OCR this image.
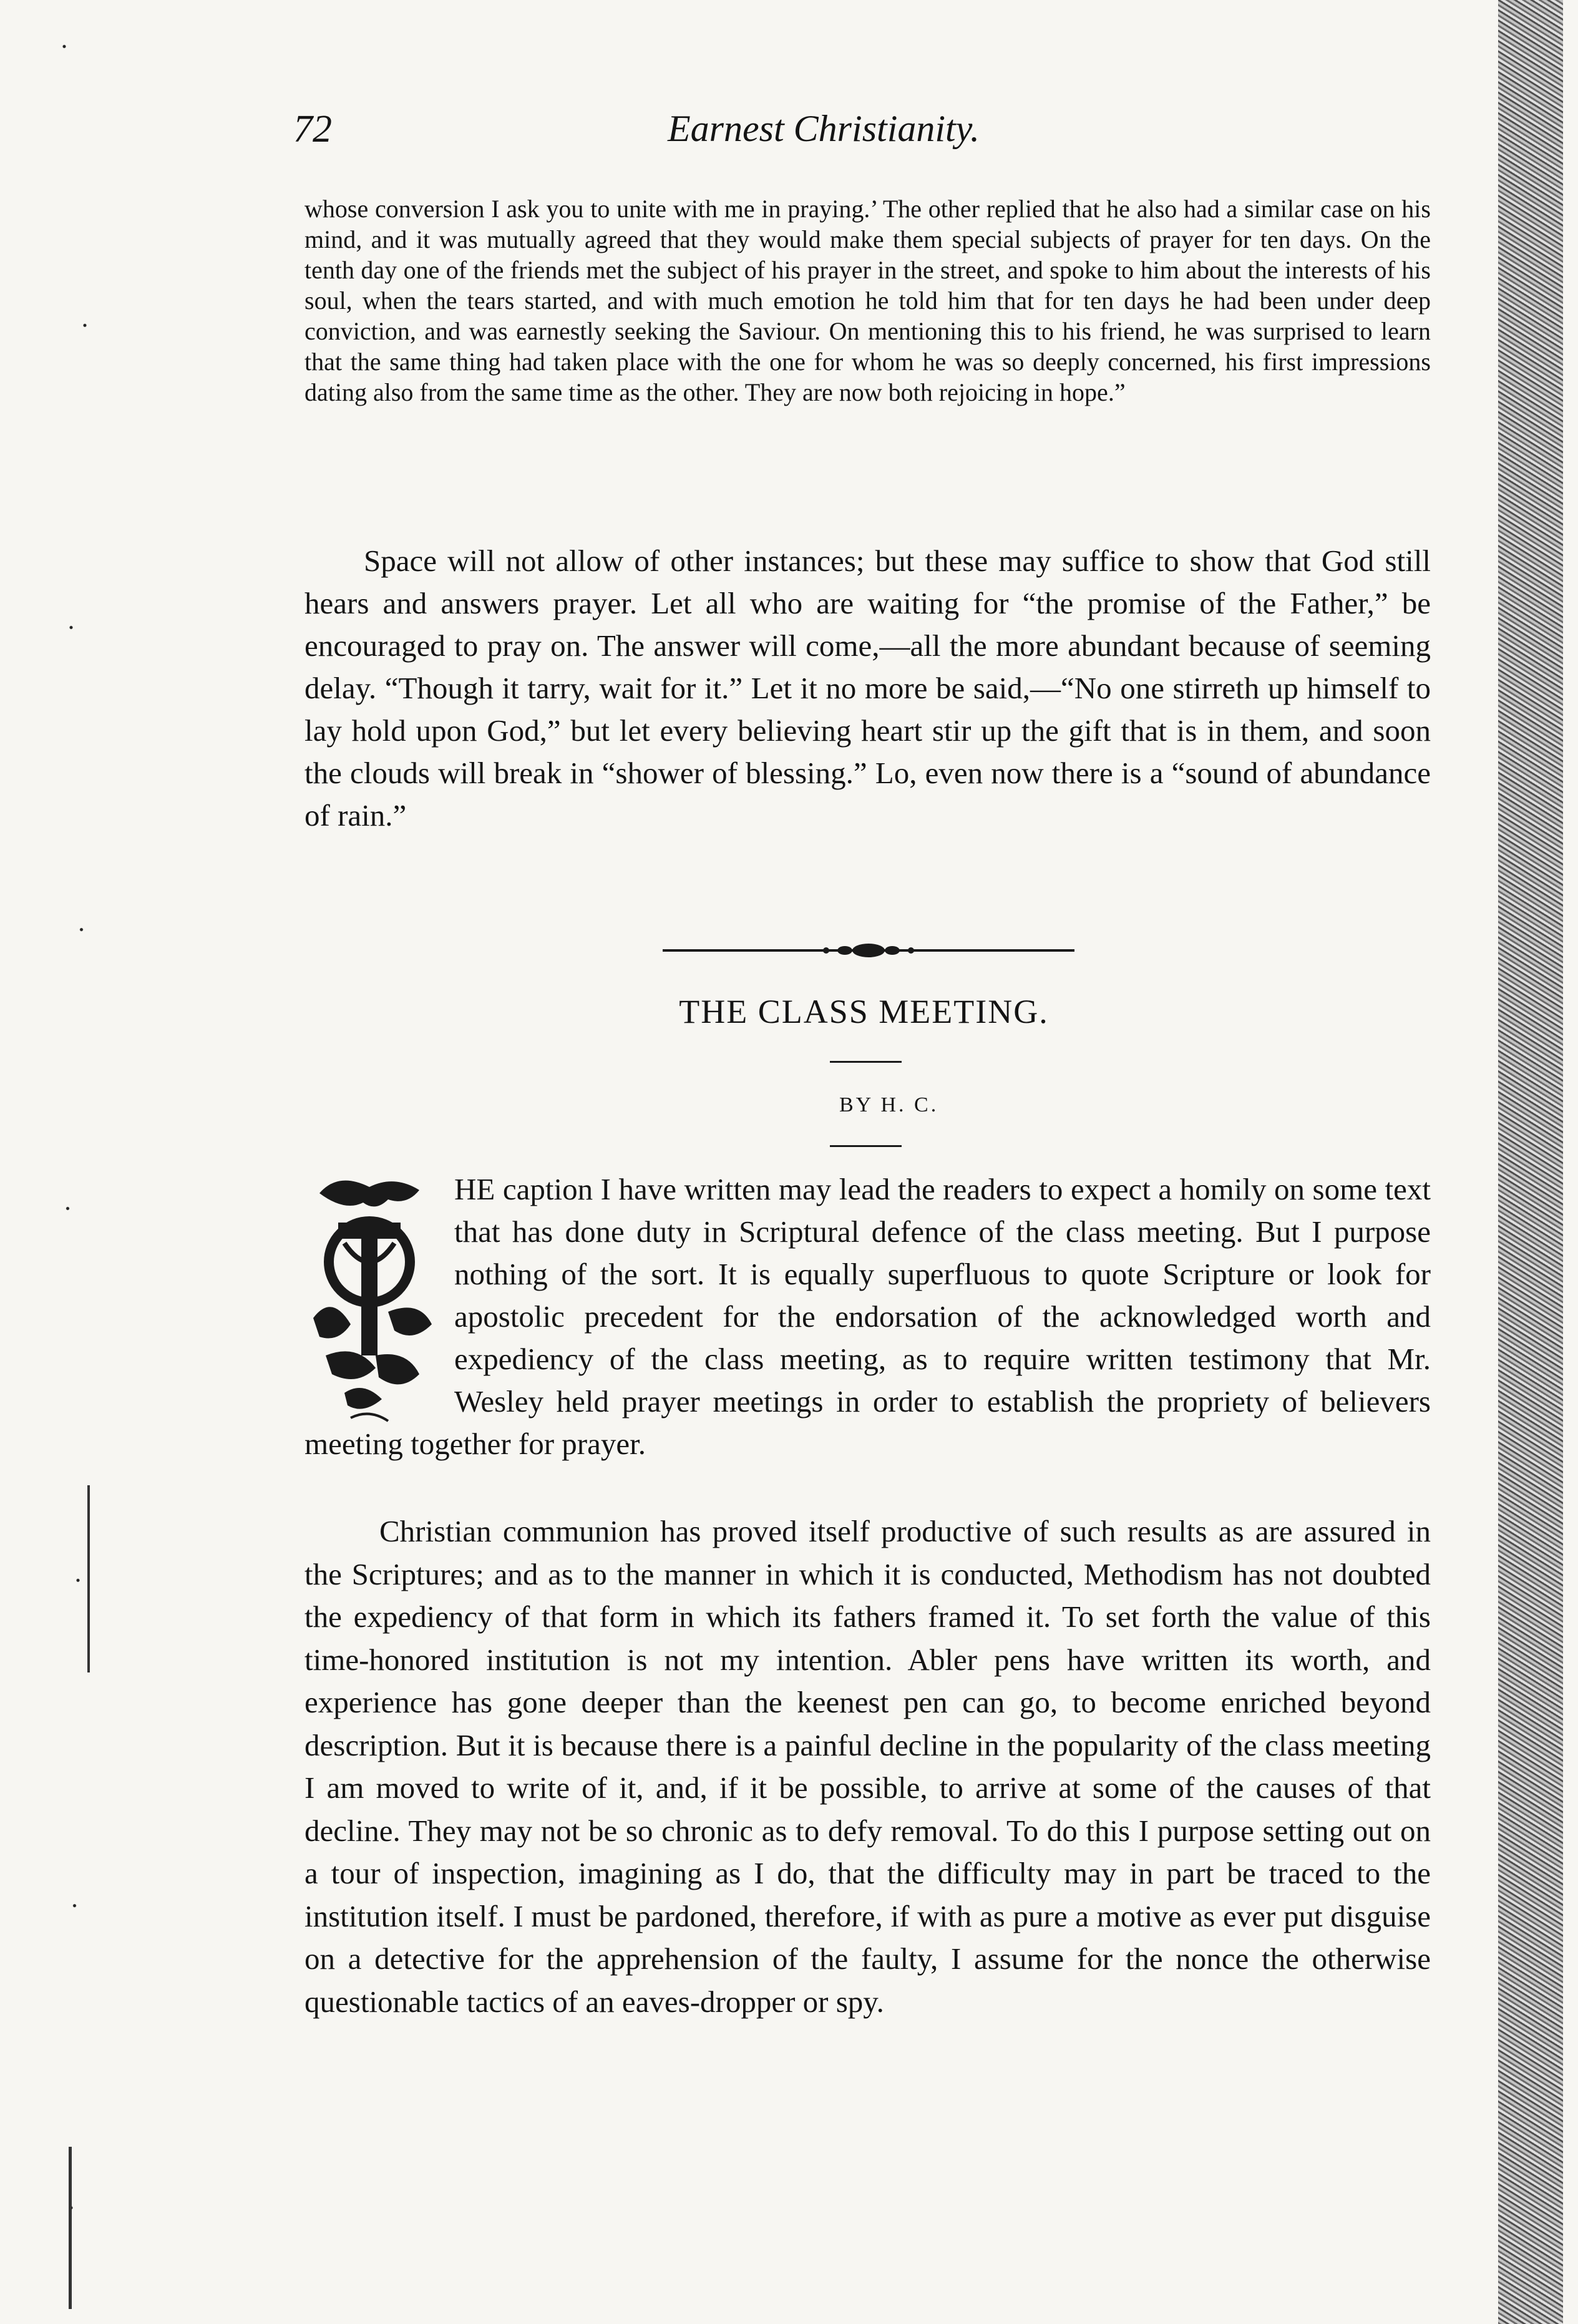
72	Earnest Christianity.

whose conversion I ask you to unite with me in praying.’ The other replied that he also had a similar case on his mind, and it was mutually agreed that they would make them special subjects of prayer for ten days. On the tenth day one of the friends met the subject of his prayer in the street, and spoke to him about the interests of his soul, when the tears started, and with much emotion he told him that for ten days he had been under deep conviction, and was earnestly seeking the Saviour. On mentioning this to his friend, he was surprised to learn that the same thing had taken place with the one for whom he was so deeply concerned, his first impressions dating also from the same time as the other. They are now both rejoicing in hope.”

Space will not allow of other instances; but these may suffice to show that God still hears and answers prayer. Let all who are waiting for “the promise of the Father,” be encouraged to pray on. The answer will come,—all the more abundant because of seeming delay. “Though it tarry, wait for it.” Let it no more be said,—“No one stirreth up himself to lay hold upon God,” but let every believing heart stir up the gift that is in them, and soon the clouds will break in “shower of blessing.” Lo, even now there is a “sound of abundance of rain.”

THE CLASS MEETING.
BY H. C.

HE caption I have written may lead the readers to expect a homily on some text that has done duty in Scriptural defence of the class meeting. But I purpose nothing of the sort. It is equally superfluous to quote Scripture or look for apostolic precedent for the endorsation of the acknowledged worth and expediency of the class meeting, as to require written testimony that Mr. Wesley held prayer meetings in order to establish the propriety of believers meeting together for prayer.

Christian communion has proved itself productive of such results as are assured in the Scriptures; and as to the manner in which it is conducted, Methodism has not doubted the expediency of that form in which its fathers framed it. To set forth the value of this time-honored institution is not my intention. Abler pens have written its worth, and experience has gone deeper than the keenest pen can go, to become enriched beyond description. But it is because there is a painful decline in the popularity of the class meeting I am moved to write of it, and, if it be possible, to arrive at some of the causes of that decline. They may not be so chronic as to defy removal. To do this I purpose setting out on a tour of inspection, imagining as I do, that the difficulty may in part be traced to the institution itself. I must be pardoned, therefore, if with as pure a motive as ever put disguise on a detective for the apprehension of the faulty, I assume for the nonce the otherwise questionable tactics of an eaves-dropper or spy.
